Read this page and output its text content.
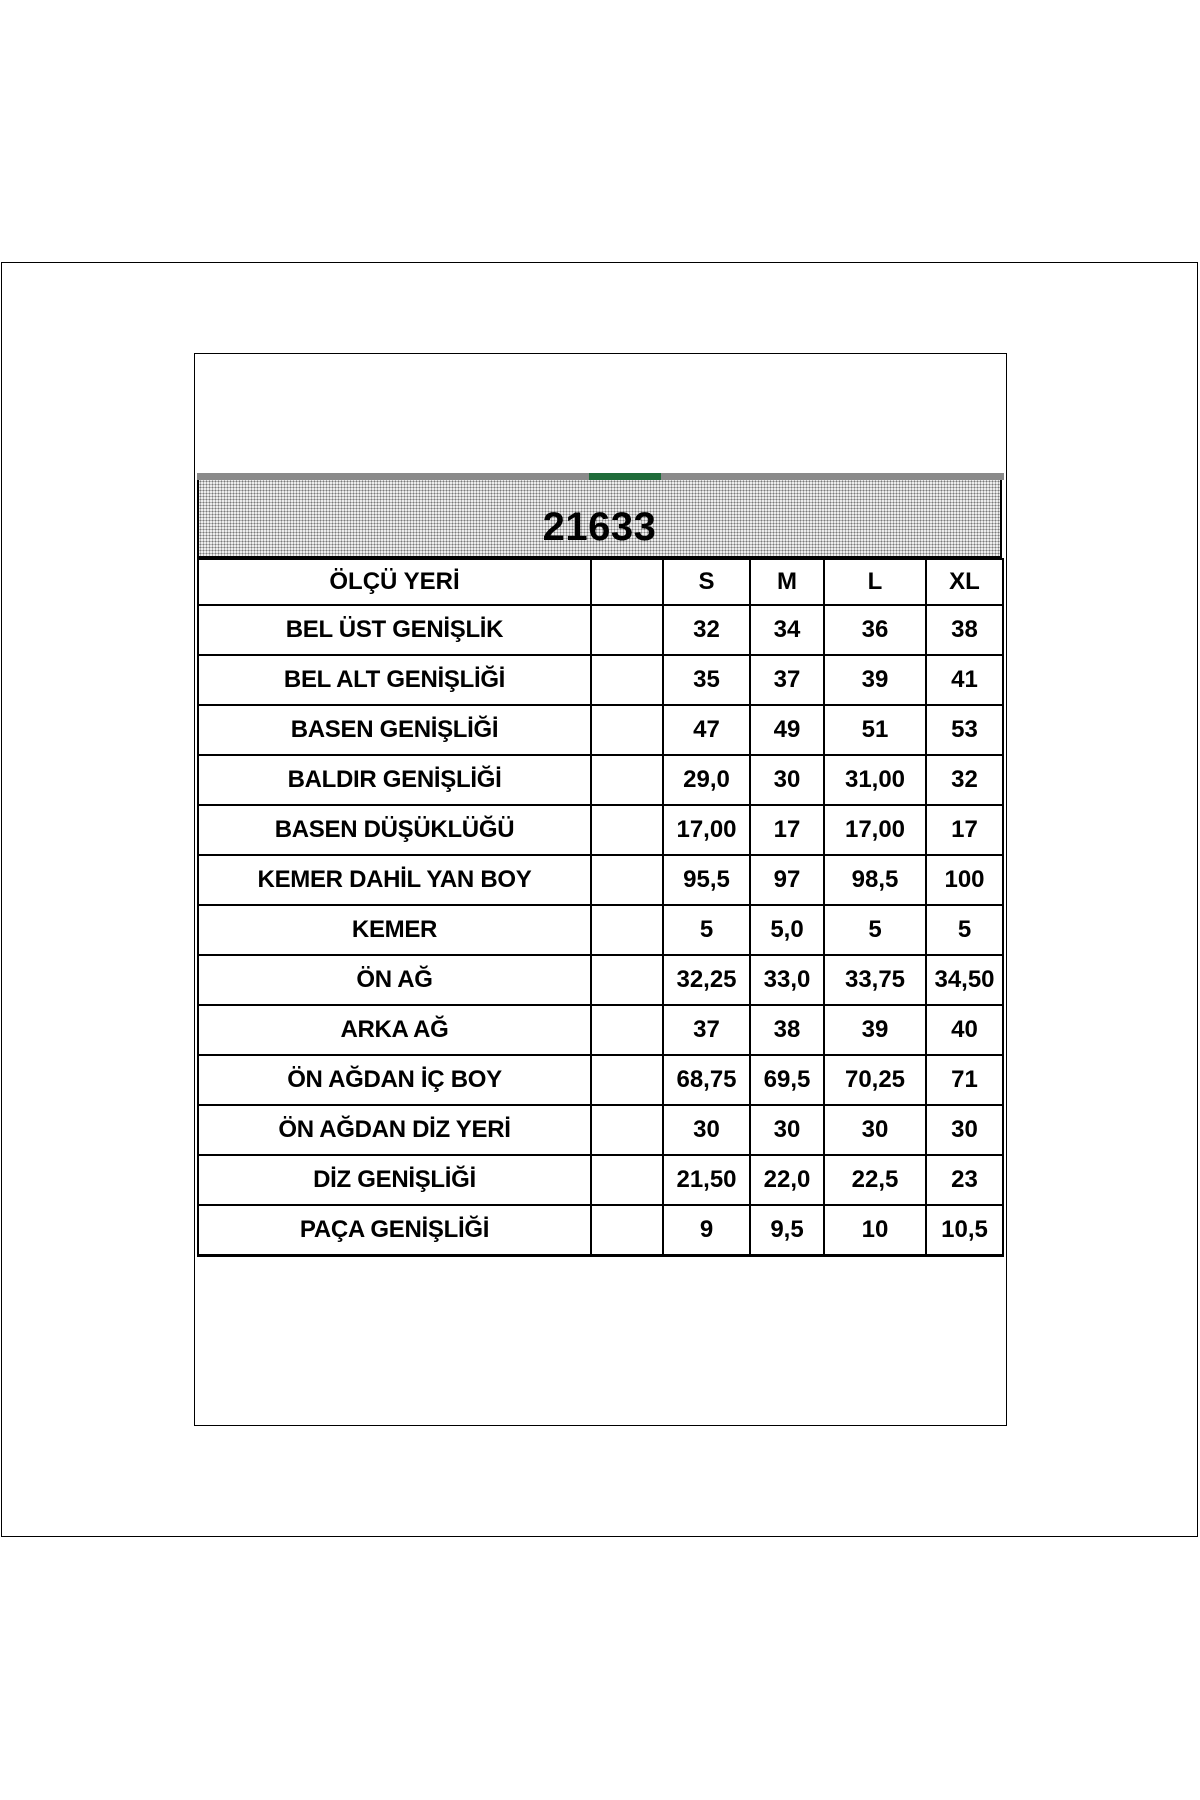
21633
ÖLÇÜ YERİ		S	M	L	XL
BEL ÜST GENİŞLİK		32	34	36	38
BEL ALT GENİŞLİĞİ		35	37	39	41
BASEN GENİŞLİĞİ		47	49	51	53
BALDIR GENİŞLİĞİ		29,0	30	31,00	32
BASEN DÜŞÜKLÜĞÜ		17,00	17	17,00	17
KEMER DAHİL YAN BOY		95,5	97	98,5	100
KEMER		5	5,0	5	5
ÖN AĞ		32,25	33,0	33,75	34,50
ARKA AĞ		37	38	39	40
ÖN AĞDAN İÇ BOY		68,75	69,5	70,25	71
ÖN AĞDAN DİZ YERİ		30	30	30	30
DİZ GENİŞLİĞİ		21,50	22,0	22,5	23
PAÇA GENİŞLİĞİ		9	9,5	10	10,5
